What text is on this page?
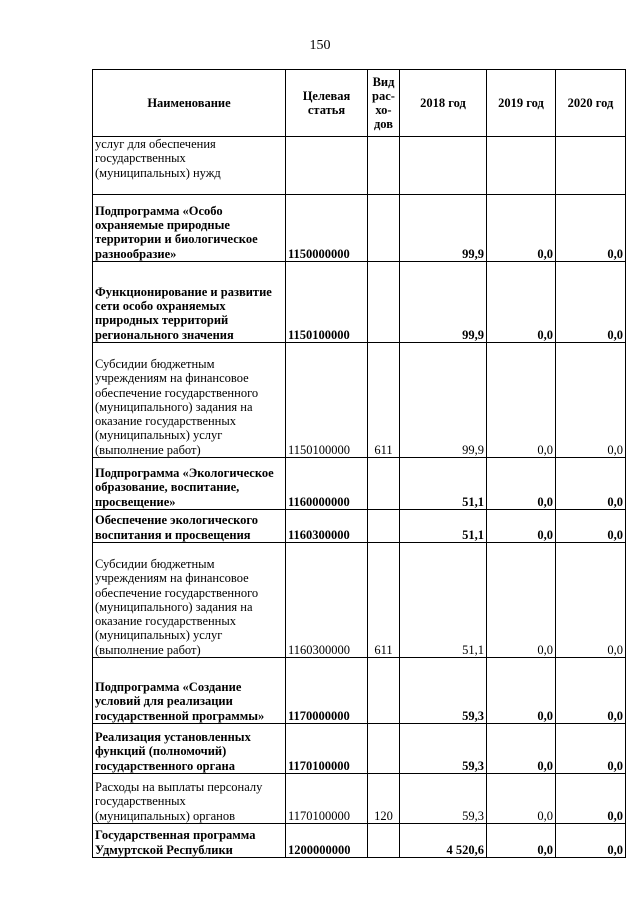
150
Наименование	Целевая статья	Вид рас-хо-дов	2018 год	2019 год	2020 год
услуг для обеспечения государственных (муниципальных) нужд					
Подпрограмма «Особо охраняемые природные территории и биологическое разнообразие»	1150000000		99,9	0,0	0,0
Функционирование и развитие сети особо охраняемых природных территорий регионального значения	1150100000		99,9	0,0	0,0
Субсидии бюджетным учреждениям на финансовое обеспечение государственного (муниципального) задания на оказание государственных (муниципальных) услуг (выполнение работ)	1150100000	611	99,9	0,0	0,0
Подпрограмма «Экологическое образование, воспитание, просвещение»	1160000000		51,1	0,0	0,0
Обеспечение экологического воспитания и просвещения	1160300000		51,1	0,0	0,0
Субсидии бюджетным учреждениям на финансовое обеспечение государственного (муниципального) задания на оказание государственных (муниципальных) услуг (выполнение работ)	1160300000	611	51,1	0,0	0,0
Подпрограмма «Создание условий для реализации государственной программы»	1170000000		59,3	0,0	0,0
Реализация установленных функций (полномочий) государственного органа	1170100000		59,3	0,0	0,0
Расходы на выплаты персоналу государственных (муниципальных) органов	1170100000	120	59,3	0,0	0,0
Государственная программа Удмуртской Республики	1200000000		4 520,6	0,0	0,0
